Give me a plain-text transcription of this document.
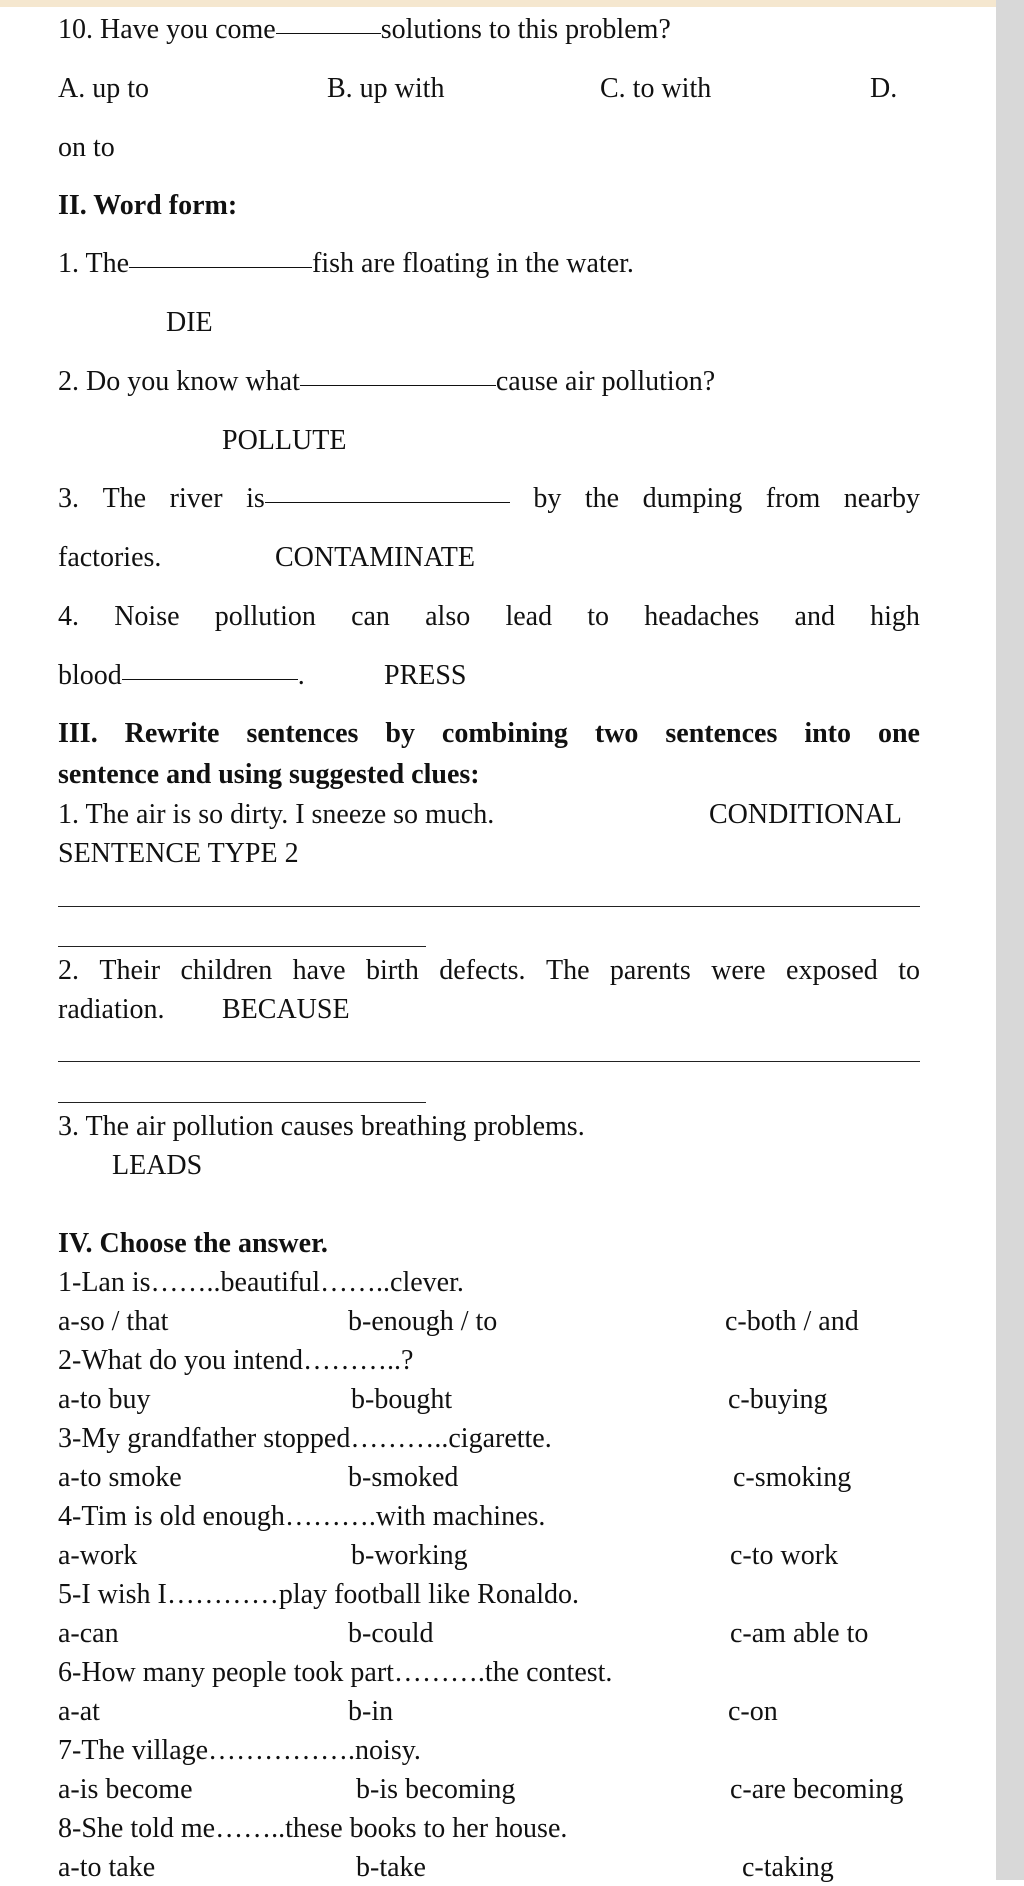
10. Have you come	solutions to this problem?
A. up to	B. up with	C. to with	D.
on to
II. Word form:
1. The	fish are floating in the water.
DIE
2. Do you know what	cause air pollution?
POLLUTE
3. The river is	by the dumping from nearby
factories.	CONTAMINATE
4. Noise pollution can also lead to headaches and high
blood	.	PRESS
III. Rewrite sentences by combining two sentences into one
sentence and using suggested clues:
1. The air is so dirty. I sneeze so much.	CONDITIONAL
SENTENCE TYPE 2
2. Their children have birth defects. The parents were exposed to
radiation. BECAUSE
3. The air pollution causes breathing problems.
LEADS
IV. Choose the answer.
1-Lan is……..beautiful……..clever.
a-so / that	b-enough / to	c-both / and
2-What do you intend………..?
a-to buy	b-bought	c-buying
3-My grandfather stopped………..cigarette.
a-to smoke	b-smoked	c-smoking
4-Tim is old enough……….with machines.
a-work	b-working	c-to work
5-I wish I…………play football like Ronaldo.
a-can	b-could	c-am able to
6-How many people took part……….the contest.
a-at	b-in	c-on
7-The village…………….noisy.
a-is become	b-is becoming	c-are becoming
8-She told me……..these books to her house.
a-to take	b-take	c-taking
